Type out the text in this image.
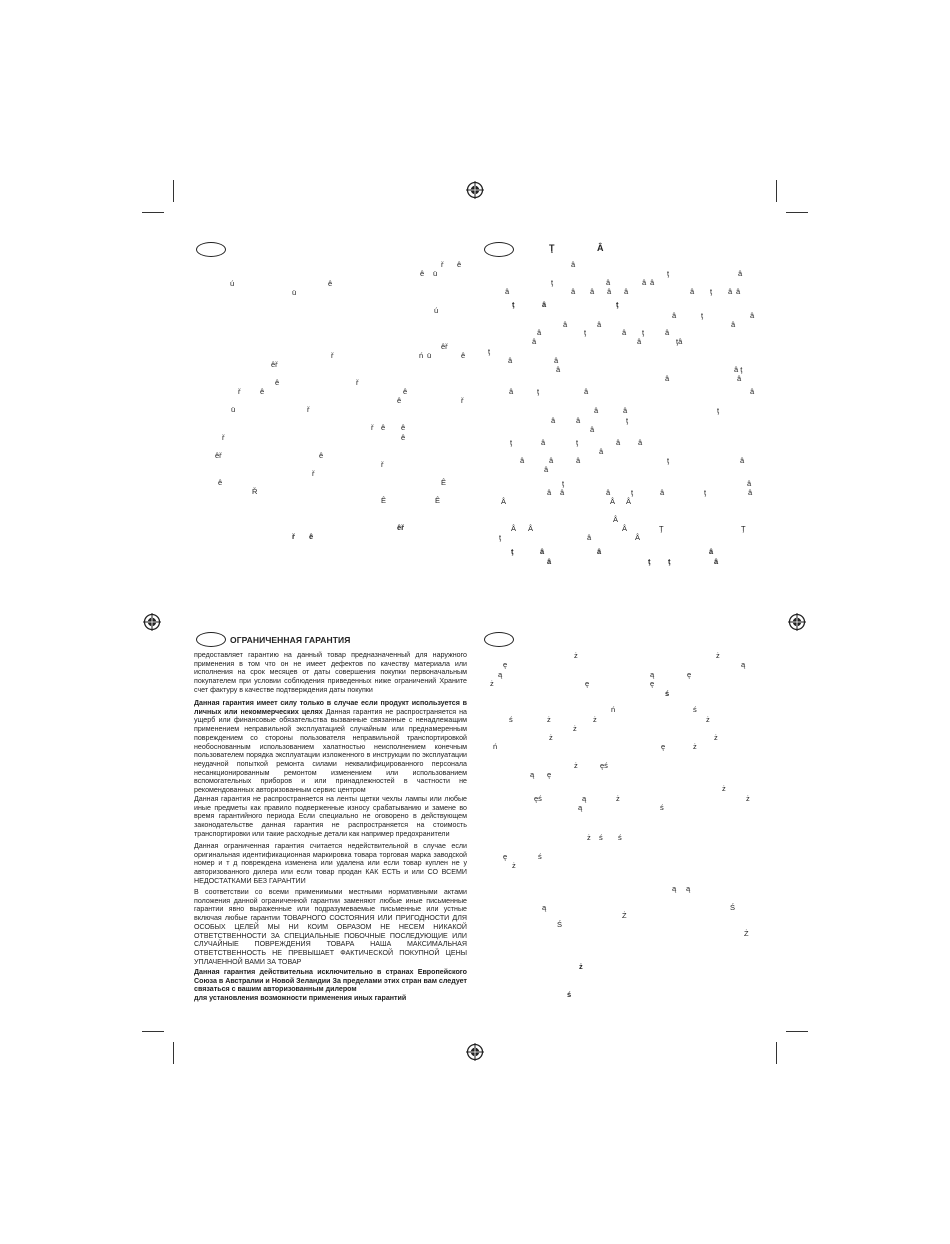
ОГРАНИЧЕННАЯ ГАРАНТИЯ

предоставляет гарантию на данный товар предназначенный для наружного применения в том что он не имеет дефектов по качеству материала или исполнения на срок месяцев от даты совершения покупки первоначальным покупателем при условии соблюдения приведенных ниже ограничений Храните счет фактуру в качестве подтверждения даты покупки

Данная гарантия имеет силу только в случае если продукт используется в личных или некоммерческих целях Данная гарантия не распространяется на ущерб или финансовые обязательства вызванные связанные с ненадлежащим применением неправильной эксплуатацией случайным или преднамеренным повреждением со стороны пользователя неправильной транспортировкой необоснованным использованием халатностью неисполнением конечным пользователем порядка эксплуатации изложенного в инструкции по эксплуатации неудачной попыткой ремонта силами неквалифицированного персонала несанкционированным ремонтом изменением или использованием вспомогательных приборов и или принадлежностей в частности не рекомендованных авторизованным сервис центром

Данная гарантия не распространяется на ленты щетки чехлы лампы или любые иные предметы как правило подверженные износу срабатыванию и замене во время гарантийного периода Если специально не оговорено в действующем законодательстве данная гарантия не распространяется на стоимость транспортировки или такие расходные детали как например предохранители

Данная ограниченная гарантия считается недействительной в случае если оригинальная идентификационная маркировка товара торговая марка заводской номер и т д повреждена изменена или удалена или если товар куплен не у авторизованного дилера или если товар продан КАК ЕСТЬ и или СО ВСЕМИ НЕДОСТАТКАМИ БЕЗ ГАРАНТИИ

В соответствии со всеми применимыми местными нормативными актами положения данной ограниченной гарантии заменяют любые иные письменные гарантии явно выраженные или подразумеваемые письменные или устные включая любые гарантии ТОВАРНОГО СОСТОЯНИЯ ИЛИ ПРИГОДНОСТИ ДЛЯ ОСОБЫХ ЦЕЛЕЙ МЫ НИ КОИМ ОБРАЗОМ НЕ НЕСЕМ НИКАКОЙ ОТВЕТСТВЕННОСТИ ЗА СПЕЦИАЛЬНЫЕ ПОБОЧНЫЕ ПОСЛЕДУЮЩИЕ ИЛИ СЛУЧАЙНЫЕ ПОВРЕЖДЕНИЯ ТОВАРА НАША МАКСИМАЛЬНАЯ ОТВЕТСТВЕННОСТЬ НЕ ПРЕВЫШАЕТ ФАКТИЧЕСКОЙ ПОКУПНОЙ ЦЕНЫ УПЛАЧЕННОЙ ВАМИ ЗА ТОВАР

Данная гарантия действительна исключительно в странах Европейского Союза в Австралии и Новой Зеландии За пределами этих стран вам следует связаться с вашим авторизованным дилером

для установления возможности применения иных гарантий

ř ê
ê ü
ú	ê
ü
ú
êř
ř	ń ü	ê
êř
ř
ê
ř	ê	ê
ê	ř
ü	ř
ř ê ê
ř	ê
êř	ê
ř
ř
ê	Ê
Ř
Ê	Ê
êř
ř ê
Ţ	Â
â
ţ	â
ţ	â	â â
â	â â â â	â ţ â â
ţ	â	ţ
â	ţ	â
â	â	â
â	ţ	â ţ	â
â	ţâ
â
ţ
â	â
â ţ
â
â	â
â	ţ	â	â
â	â	ţ
â	â	ţ
â
ţ	â	ţ	â â
â
â	â	â	ţ	â
â
ţ	â
â â	â	ţ	â	ţ	â
Â	Â Â
Â
Â Â	Â	Ţ	Ţ
Â
ţ	â
ţ	â	â	â
â	ţ ţ	â
ż	ż
ą
ę
ą	ą	ę
ż	ę	ę
ś
ń	ś
ś	ż	ż	ż
ż
ż
ń	ę	ż
ż
ż	ęś
ą ę
ż
ęś	ą	ż	ż
ą	ś
ż ś ś
ę	ś
ż
ą ą
ą	Ś
Ż
Ś
Ż
ż
ś
